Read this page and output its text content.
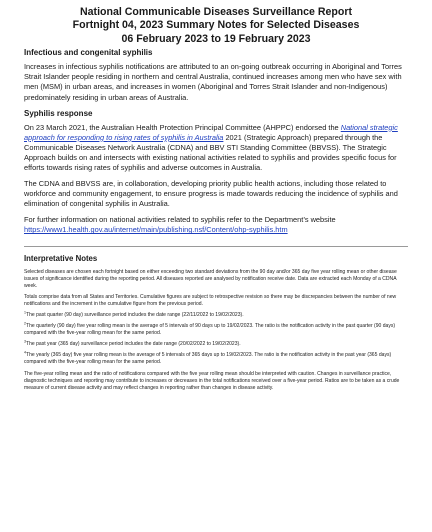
National Communicable Diseases Surveillance Report

Fortnight 04, 2023 Summary Notes for Selected Diseases

06 February 2023 to 19 February 2023

Infectious and congenital syphilis

Increases in infectious syphilis notifications are attributed to an on-going outbreak occurring in Aboriginal and Torres Strait Islander people residing in northern and central Australia, continued increases among men who have sex with men (MSM) in urban areas, and increases in women (Aboriginal and Torres Strait Islander and non-Indigenous) predominately residing in urban areas of Australia.

Syphilis response

On 23 March 2021, the Australian Health Protection Principal Committee (AHPPC) endorsed the National strategic approach for responding to rising rates of syphilis in Australia 2021 (Strategic Approach) prepared through the Communicable Diseases Network Australia (CDNA) and BBV STI Standing Committee (BBVSS). The Strategic Approach builds on and intersects with existing national activities related to syphilis and provides specific focus for efforts towards rising rates of syphilis and adverse outcomes in Australia.

The CDNA and BBVSS are, in collaboration, developing priority public health actions, including those related to workforce and community engagement, to ensure progress is made towards reducing the incidence of syphilis and elimination of congenital syphilis in Australia.

For further information on national activities related to syphilis refer to the Department’s website
https://www1.health.gov.au/internet/main/publishing.nsf/Content/ohp-syphilis.htm

Interpretative Notes

Selected diseases are chosen each fortnight based on either exceeding two standard deviations from the 90 day and/or 365 day five year rolling mean or other disease issues of significance identified during the reporting period. All diseases reported are analysed by notification receive date. Data are extracted each Monday of a CDNA week.

Totals comprise data from all States and Territories. Cumulative figures are subject to retrospective revision so there may be discrepancies between the number of new notifications and the increment in the cumulative figure from the previous period.

$^1$The past quarter (90 day) surveillance period includes the date range (22/11/2022 to 19/02/2023).

$^2$The quarterly (90 day) five year rolling mean is the average of 5 intervals of 90 days up to 19/02/2023. The ratio is the notification activity in the past quarter (90 days) compared with the five-year rolling mean for the same period.

$^3$The past year (365 day) surveillance period includes the date range (20/02/2022 to 19/02/2023).

$^4$The yearly (365 day) five year rolling mean is the average of 5 intervals of 365 days up to 19/02/2023. The ratio is the notification activity in the past year (365 days) compared with the five-year rolling mean for the same period.

The five-year rolling mean and the ratio of notifications compared with the five year rolling mean should be interpreted with caution. Changes in surveillance practice, diagnostic techniques and reporting may contribute to increases or decreases in the total notifications received over a five-year period. Ratios are to be taken as a crude measure of current disease activity and may reflect changes in reporting rather than changes in disease activity.
